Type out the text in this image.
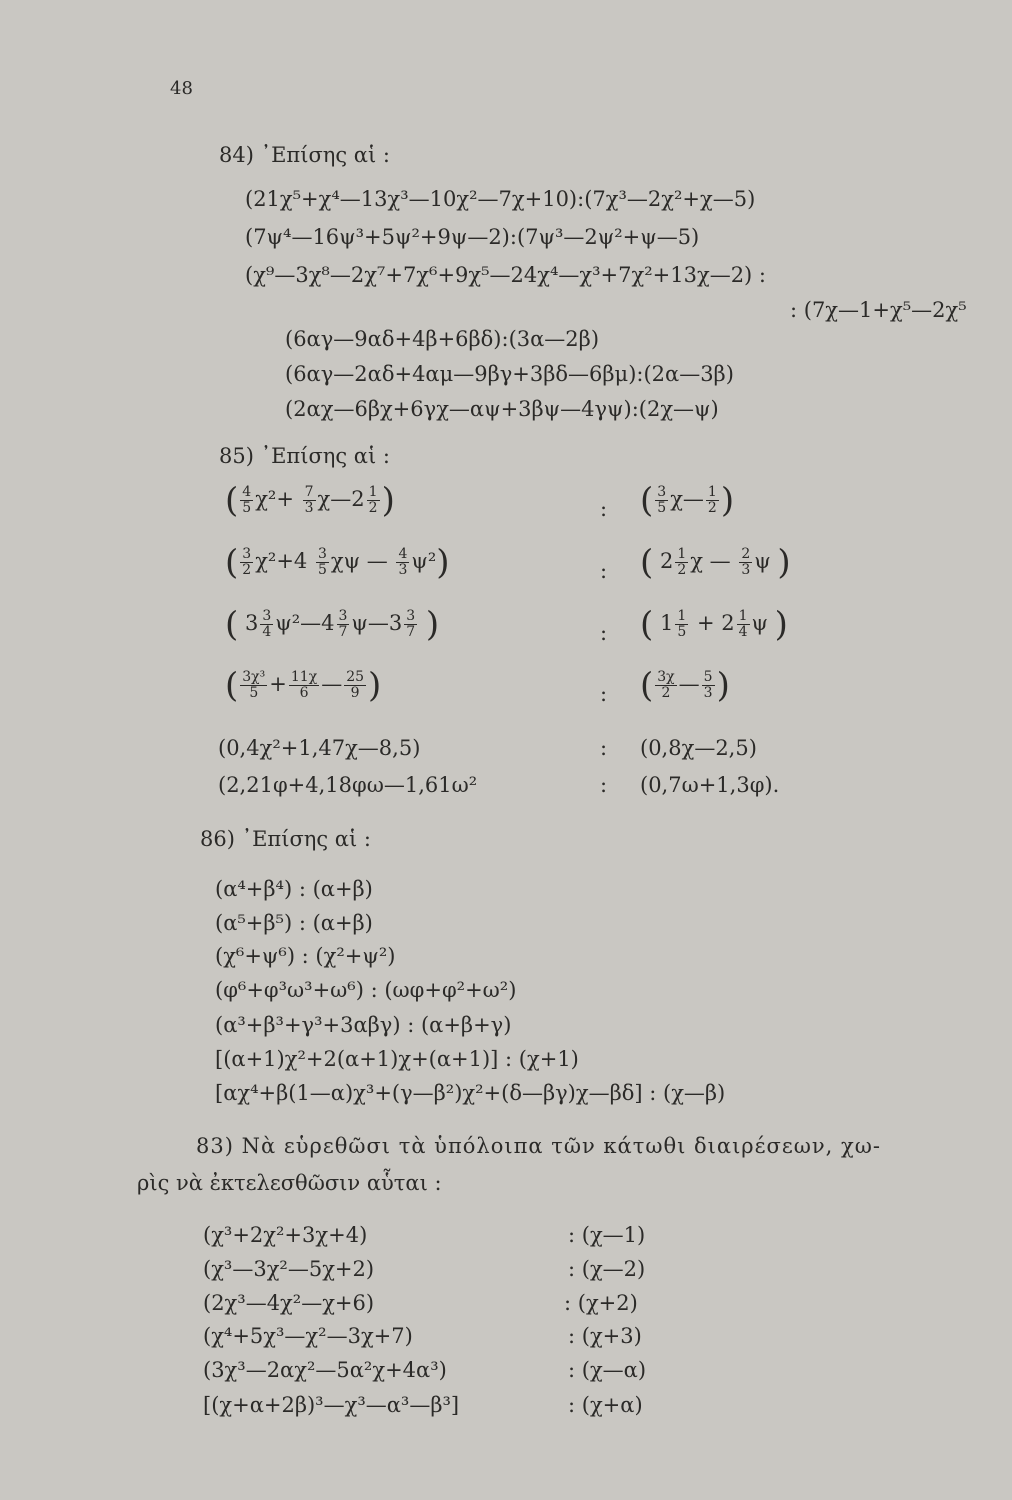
48
84) ᾿Επίσης αἱ :
(21χ⁵+χ⁴—13χ³—10χ²—7χ+10):(7χ³—2χ²+χ—5)
(7ψ⁴—16ψ³+5ψ²+9ψ—2):(7ψ³—2ψ²+ψ—5)
(χ⁹—3χ⁸—2χ⁷+7χ⁶+9χ⁵—24χ⁴—χ³+7χ²+13χ—2) :
: (7χ—1+χ⁵—2χ⁵
(6αγ—9αδ+4β+6βδ):(3α—2β)
(6αγ—2αδ+4αμ—9βγ+3βδ—6βμ):(2α—3β)
(2αχ—6βχ+6γχ—αψ+3βψ—4γψ):(2χ—ψ)
85) ᾿Επίσης αἱ :
( $\frac{4}{5} \chi^2+ \frac{7}{3}$ χ—2 $\frac{1}{2}$ )	: ( $\frac{3}{5}$ χ— $\frac{1}{2}$ )
( $\frac{3}{2} \chi^2+4 \frac{3}{5}$ χψ — $\frac{4}{3} \psi^2$)	: ( $2 \frac{1}{2}$ χ — $\frac{2}{3}$ ψ )
( $3 \frac{3}{4}$ ψ²—4 $\frac{3}{7}$ ψ—3 $\frac{3}{7}$ )	: ( $1 \frac{1}{5} + 2 \frac{1}{4}$ ψ )
( $\frac{\text{3χ³}}{5} + \frac{11\chi}{6}$ — $\frac{25}{9}$ )	: ( $\frac{3\chi}{2}$ — $\frac{5}{3}$ )
(0,4χ²+1,47χ—8,5)	: (0,8χ—2,5)
(2,21φ+4,18φω—1,61ω²	: (0,7ω+1,3φ).
86) ᾿Επίσης αἱ :
(α⁴+β⁴) : (α+β)
(α⁵+β⁵) : (α+β)
(χ⁶+ψ⁶) : (χ²+ψ²)
(φ⁶+φ³ω³+ω⁶) : (ωφ+φ²+ω²)
(α³+β³+γ³+3αβγ) : (α+β+γ)
[(α+1)χ²+2(α+1)χ+(α+1)] : (χ+1)
[αχ⁴+β(1—α)χ³+(γ—β²)χ²+(δ—βγ)χ—βδ] : (χ—β)
83) Νὰ εὑρεθῶσι τὰ ὑπόλοιπα τῶν κάτωθι διαιρέσεων, χω-
ρὶς νὰ ἐκτελεσθῶσιν αὗται :
(χ³+2χ²+3χ+4)	: (χ—1)
(χ³—3χ²—5χ+2)	: (χ—2)
(2χ³—4χ²—χ+6)	: (χ+2)
(χ⁴+5χ³—χ²—3χ+7)	: (χ+3)
(3χ³—2αχ²—5α²χ+4α³)	: (χ—α)
[(χ+α+2β)³—χ³—α³—β³]	: (χ+α)
